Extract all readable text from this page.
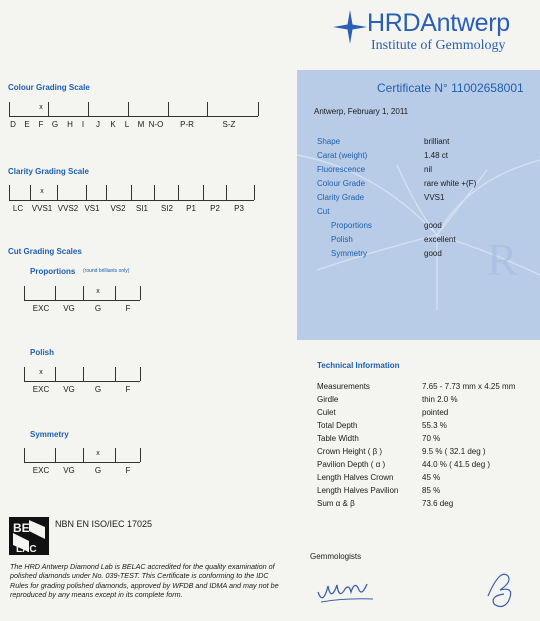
HRDAntwerp
Institute of Gemmology
Colour Grading Scale
D E F
x
G H I J K L M N-O P-R	S-Z
Clarity Grading Scale
LC VVS1
x
VVS2 VS1 VS2 SI1 SI2 P1 P2 P3
Cut Grading Scales
Proportions (round brilliants only)
EXC VG	G
x
F
Polish
EXC
x
VG	G	F
Symmetry
EXC VG	G
x
F
R
Certificate N° 11002658001
Antwerp, February 1, 2011
Shape	brilliant
Carat (weight)	1.48 ct
Fluorescence	nil
Colour Grade	rare white +(F)
Clarity Grade	VVS1
Cut
Proportions	good
Polish	excellent
Symmetry	good
Technical Information
Measurements	7.65 - 7.73 mm x 4.25 mm
Girdle	thin 2.0 %
Culet	pointed
Total Depth	55.3 %
Table Width	70 %
Crown Height ( β )	9.5 % ( 32.1 deg )
Pavilion Depth ( α )	44.0 % ( 41.5 deg )
Length Halves Crown	45 %
Length Halves Pavilion	85 %
Sum α & β	73.6 deg
Gemmologists
BE
LAC
NBN EN ISO/IEC 17025
The HRD Antwerp Diamond Lab is BELAC accredited for the quality examination of polished diamonds under No. 039-TEST. This Certificate is conforming to the IDC Rules for grading polished diamonds, approved by WFDB and IDMA and may not be reproduced by any means except in its complete form.
